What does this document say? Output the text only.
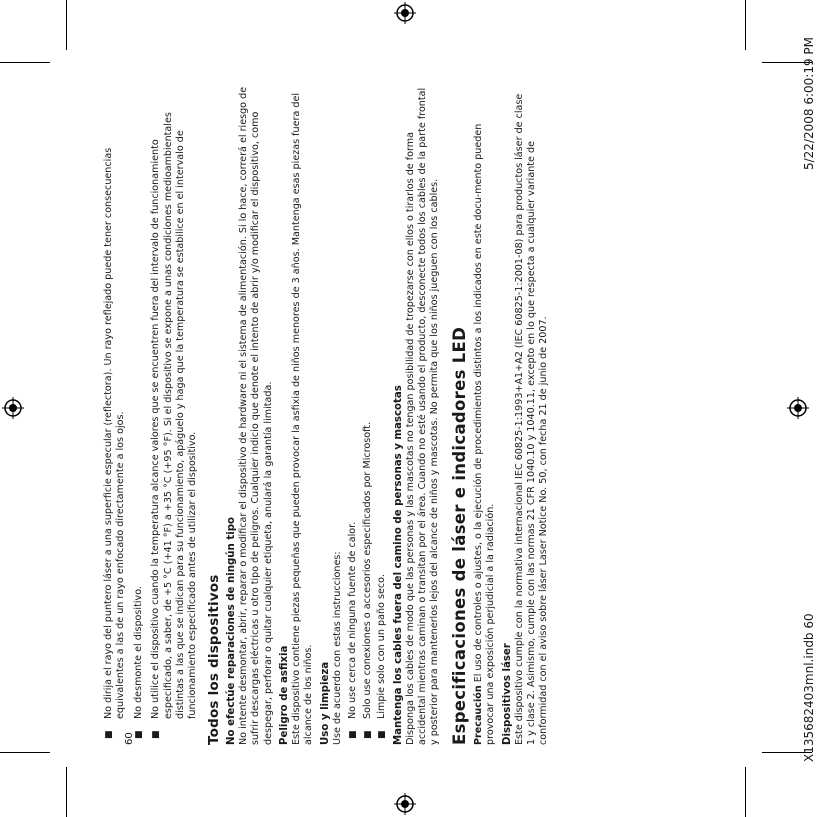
■
No dirija el rayo del puntero láser a una superficie especular (reflectora). Un rayo reflejado puede tener consecuencias equivalentes a las de un rayo enfocado directamente a los ojos.
■
No desmonte el dispositivo.
■
No utilice el dispositivo cuando la temperatura alcance valores que se encuentren fuera del intervalo de funcionamiento especificado, a saber, de +5 °C (+41 °F) a +35 °C (+95 °F). Si el dispositivo se expone a unas condiciones medioambientales distintas a las que se indican para su funcionamiento, apáguelo y haga que la temperatura se estabilice en el intervalo de funcionamiento especificado antes de utilizar el dispositivo. Todos los dispositivos No efectúe reparaciones de ningún tipo No intente desmontar, abrir, reparar o modificar el dispositivo de hardware ni el sistema de alimentación. Si lo hace, correrá el riesgo de sufrir descargas eléctricas u otro tipo de peligros. Cualquier indicio que denote el intento de abrir y/o modificar el dispositivo, como despegar, perforar o quitar cualquier etiqueta, anulará la garantía limitada. Peligro de asfixia Este dispositivo contiene piezas pequeñas que pueden provocar la asfixia de niños menores de 3 años. Mantenga esas piezas fuera del alcance de los niños. Uso y limpieza Use de acuerdo con estas instrucciones: ■
No use cerca de ninguna fuente de calor.
■
Solo use conexiones o accesorios especificados por Microsoft.
■
Limpie solo con un paño seco. Mantenga los cables fuera del camino de personas y mascotas Disponga los cables de modo que las personas y las mascotas no tengan posibilidad de tropezarse con ellos o tirarlos de forma accidental mientras caminan o transitan por el área. Cuando no esté usando el producto, desconecte todos los cables de la parte frontal y posterior para mantenerlos lejos del alcance de niños y mascotas. No permita que los niños jueguen con los cables. Especificaciones de láser e indicadores LED Precaución El uso de controles o ajustes, o la ejecución de procedimientos distintos a los indicados en este docu-mento pueden provocar una exposición perjudicial a la radiación. Dispositivos láser Este dispositivo cumple con la normativa internacional IEC 60825-1:1993+A1+A2 (IEC 60825-1:2001-08) para productos láser de clase 1 y clase 2. Asimismo, cumple con las normas 21 CFR 1040.10 y 1040.11, excepto en lo que respecta a cualquier variante de conformidad con el aviso sobre láser Laser Notice No. 50, con fecha 21 de junio de 2007.

60	X135682403mnl.indb 60
5/22/2008 6:00:19 PM
